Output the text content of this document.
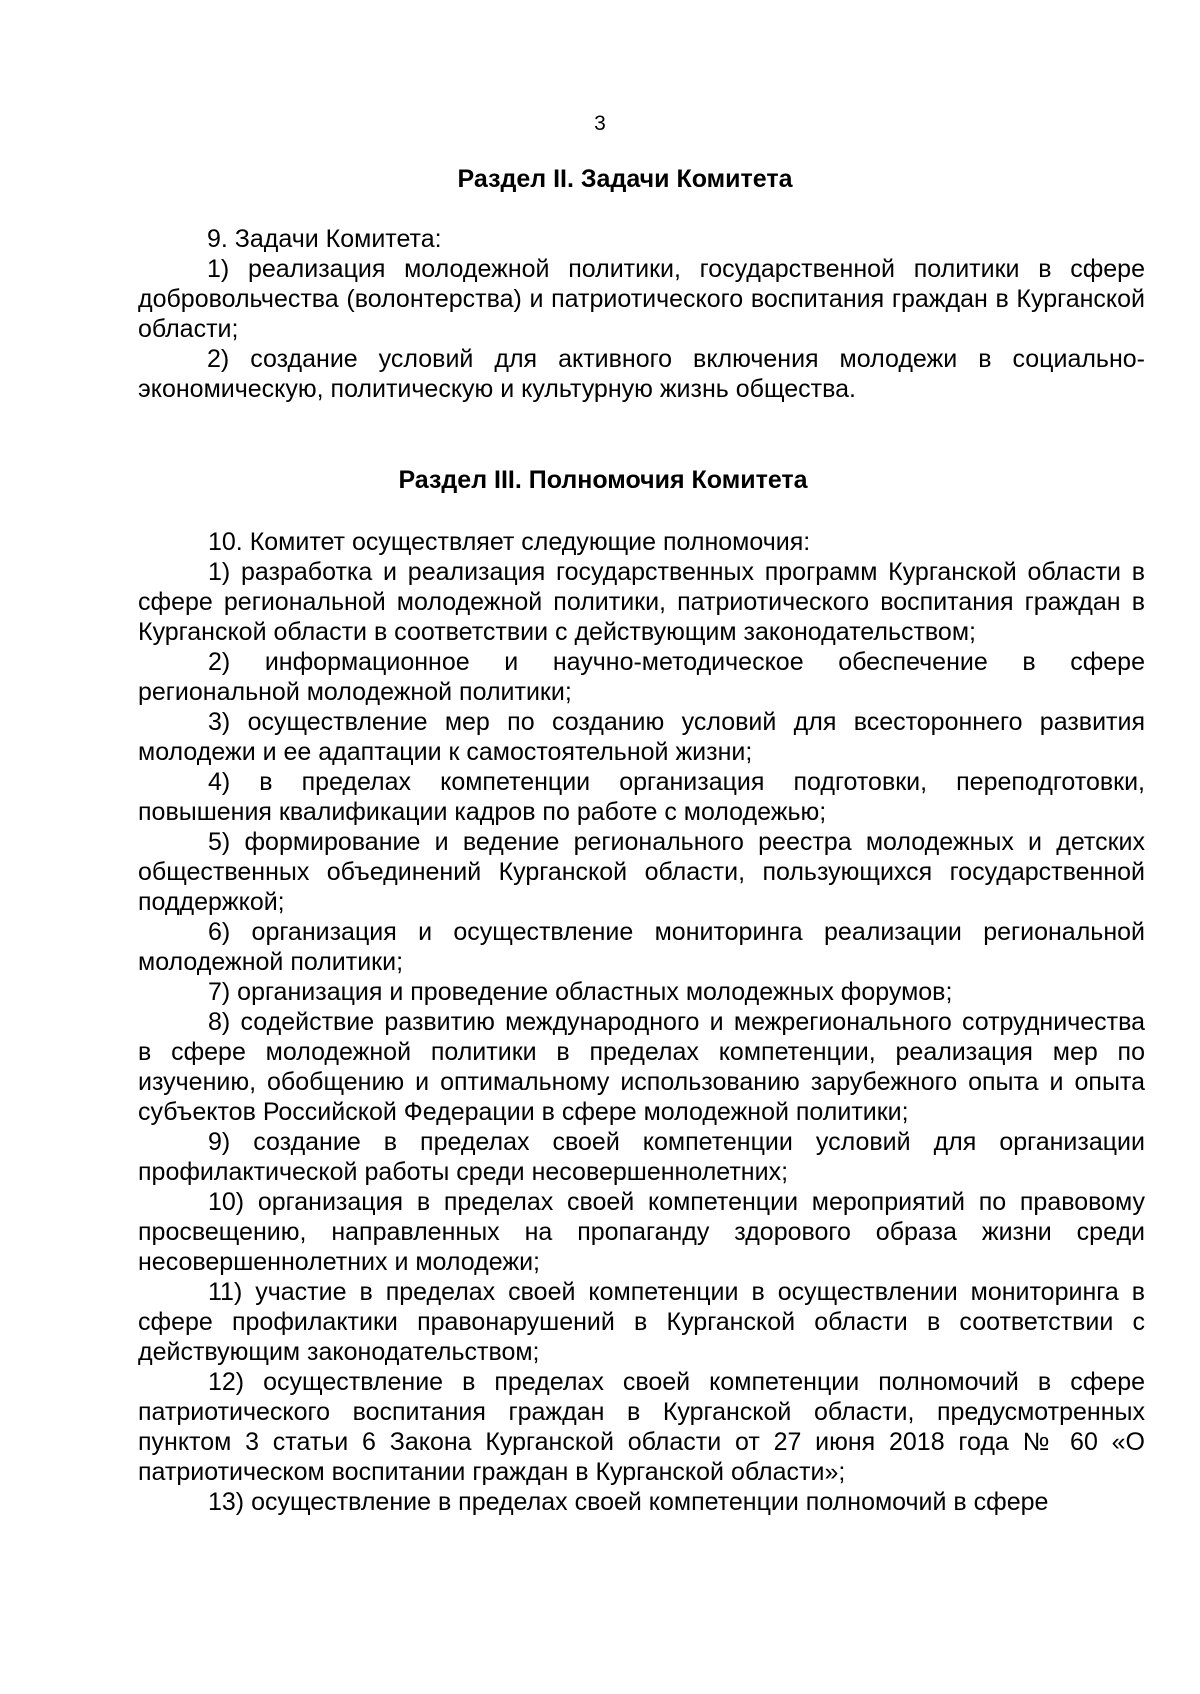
3
Раздел II. Задачи Комитета

9. Задачи Комитета:

1) реализация молодежной политики, государственной политики в сфере добровольчества (волонтерства) и патриотического воспитания граждан в Курганской области;

2) создание условий для активного включения молодежи в социально-экономическую, политическую и культурную жизнь общества.

Раздел III. Полномочия Комитета

10. Комитет осуществляет следующие полномочия:

1) разработка и реализация государственных программ Курганской области в сфере региональной молодежной политики, патриотического воспитания граждан в Курганской области в соответствии с действующим законодательством;

2) информационное и научно-методическое обеспечение в сфере региональной молодежной политики;

3) осуществление мер по созданию условий для всестороннего развития молодежи и ее адаптации к самостоятельной жизни;

4) в пределах компетенции организация подготовки, переподготовки, повышения квалификации кадров по работе с молодежью;

5) формирование и ведение регионального реестра молодежных и детских общественных объединений Курганской области, пользующихся государственной поддержкой;

6) организация и осуществление мониторинга реализации региональной молодежной политики;

7) организация и проведение областных молодежных форумов;

8) содействие развитию международного и межрегионального сотрудничества в сфере молодежной политики в пределах компетенции, реализация мер по изучению, обобщению и оптимальному использованию зарубежного опыта и опыта субъектов Российской Федерации в сфере молодежной политики;

9) создание в пределах своей компетенции условий для организации профилактической работы среди несовершеннолетних;

10) организация в пределах своей компетенции мероприятий по правовому просвещению, направленных на пропаганду здорового образа жизни среди несовершеннолетних и молодежи;

11) участие в пределах своей компетенции в осуществлении мониторинга в сфере профилактики правонарушений в Курганской области в соответствии с действующим законодательством;

12) осуществление в пределах своей компетенции полномочий в сфере патриотического воспитания граждан в Курганской области, предусмотренных пунктом 3 статьи 6 Закона Курганской области от 27 июня 2018 года № 60 «О патриотическом воспитании граждан в Курганской области»;

13) осуществление в пределах своей компетенции полномочий в сфере
